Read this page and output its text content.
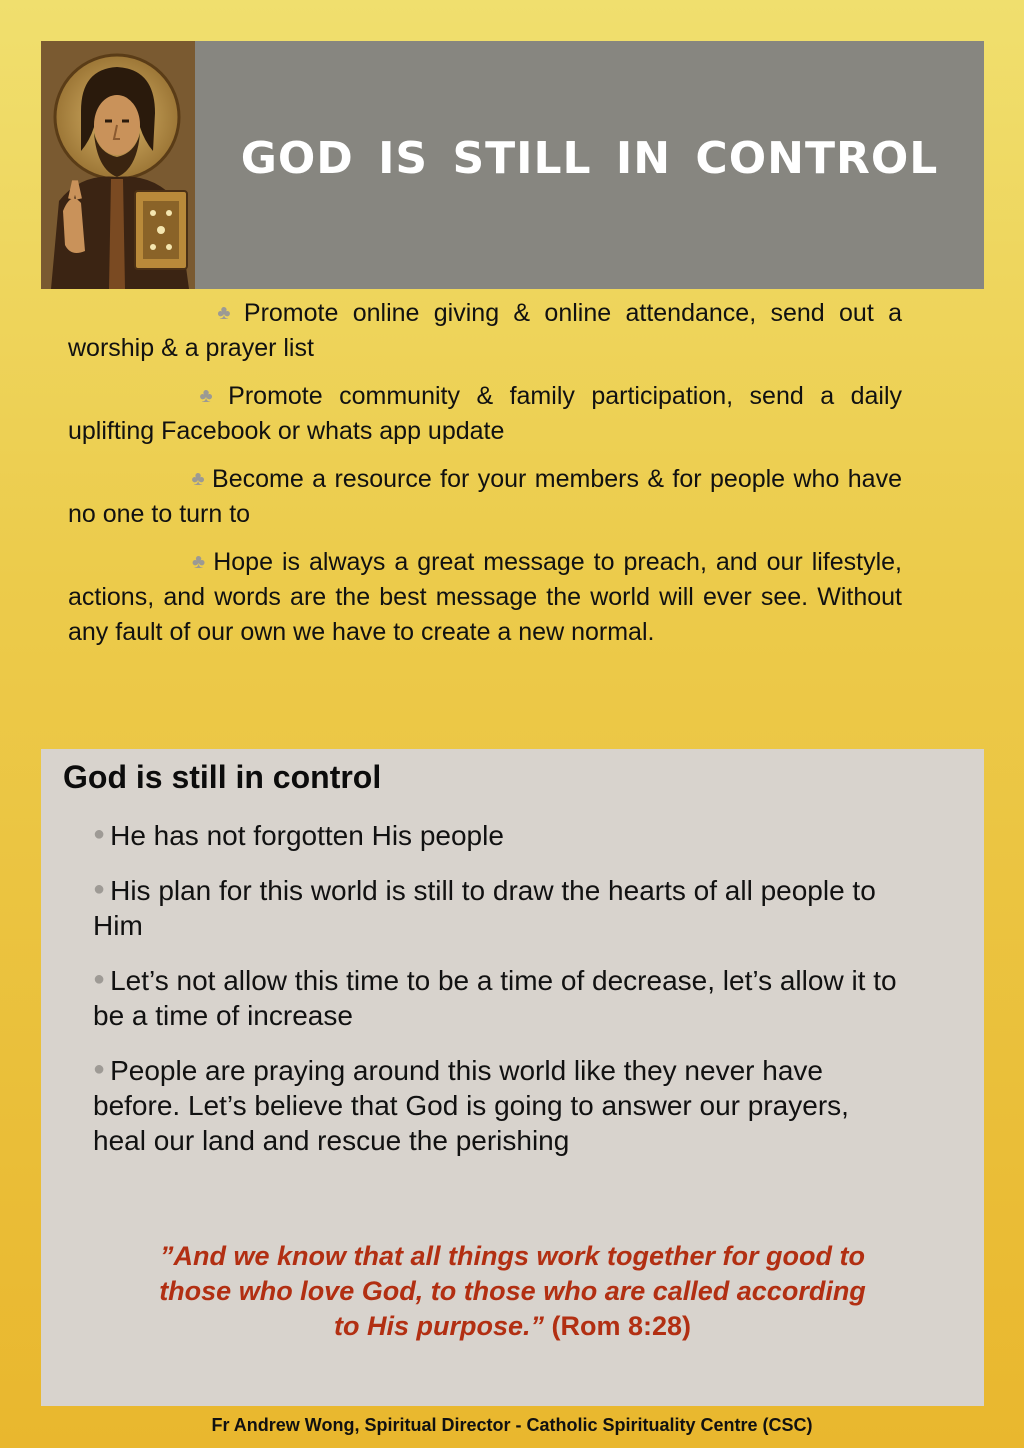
GOD IS STILL IN CONTROL
♣ Promote online giving & online attendance, send out a worship & a prayer list
♣ Promote community & family participation, send a daily uplifting Facebook or whats app update
♣ Become a resource for your members & for people who have no one to turn to
♣ Hope is always a great message to preach, and our lifestyle, actions, and words are the best message the world will ever see. Without any fault of our own we have to create a new normal.
God is still in control
● He has not forgotten His people
● His plan for this world is still to draw the hearts of all people to Him
● Let’s not allow this time to be a time of decrease, let’s allow it to be a time of increase
● People are praying around this world like they never have before. Let’s believe that God is going to answer our prayers, heal our land and rescue the perishing
”And we know that all things work together for good to
those who love God, to those who are called according
to His purpose.” (Rom 8:28)
Fr Andrew Wong, Spiritual Director - Catholic Spirituality Centre (CSC)
